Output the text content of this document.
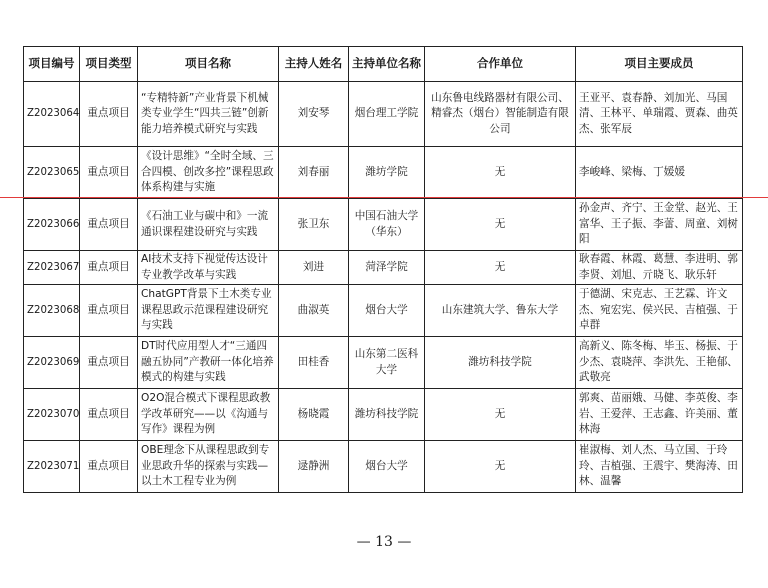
项目编号	项目类型	项目名称	主持人姓名	主持单位名称	合作单位	项目主要成员
Z2023064	重点项目	“专精特新”产业背景下机械类专业学生“四共三链”创新能力培养模式研究与实践	刘安琴	烟台理工学院	山东鲁电线路器材有限公司、精睿杰（烟台）智能制造有限公司	王亚平、袁春静、刘加光、马国清、王林平、单瑞霞、贾森、曲英杰、张军辰
Z2023065	重点项目	《设计思维》“全时全域、三合四模、创改多控”课程思政体系构建与实施	刘春丽	潍坊学院	无	李峻峰、梁梅、丁媛媛
Z2023066	重点项目	《石油工业与碳中和》一流通识课程建设研究与实践	张卫东	中国石油大学（华东）	无	孙金声、齐宁、王金堂、赵光、王富华、王子振、李蕾、周童、刘树阳
Z2023067	重点项目	AI技术支持下视觉传达设计专业教学改革与实践	刘进	菏泽学院	无	耿春霞、林霞、葛慧、李进明、郭李贤、刘旭、亓晓飞、耿乐轩
Z2023068	重点项目	ChatGPT背景下土木类专业课程思政示范课程建设研究与实践	曲淑英	烟台大学	山东建筑大学、鲁东大学	于德湖、宋克志、王艺霖、许文杰、宛宏宪、侯兴民、吉植强、于卓群
Z2023069	重点项目	DT时代应用型人才“三通四融五协同”产教研一体化培养模式的构建与实践	田桂香	山东第二医科大学	潍坊科技学院	高新义、陈冬梅、毕玉、杨振、于少杰、袁晓萍、李洪先、王艳郁、武敬亮
Z2023070	重点项目	O2O混合模式下课程思政教学改革研究——以《沟通与写作》课程为例	杨晓霞	潍坊科技学院	无	郭爽、苗丽娥、马健、李英俊、李岩、王爱萍、王志鑫、许美丽、董林海
Z2023071	重点项目	OBE理念下从课程思政到专业思政升华的探索与实践—以土木工程专业为例	逯静洲	烟台大学	无	崔淑梅、刘人杰、马立国、于玲玲、吉植强、王震宇、樊海涛、田林、温馨
— 13 —
